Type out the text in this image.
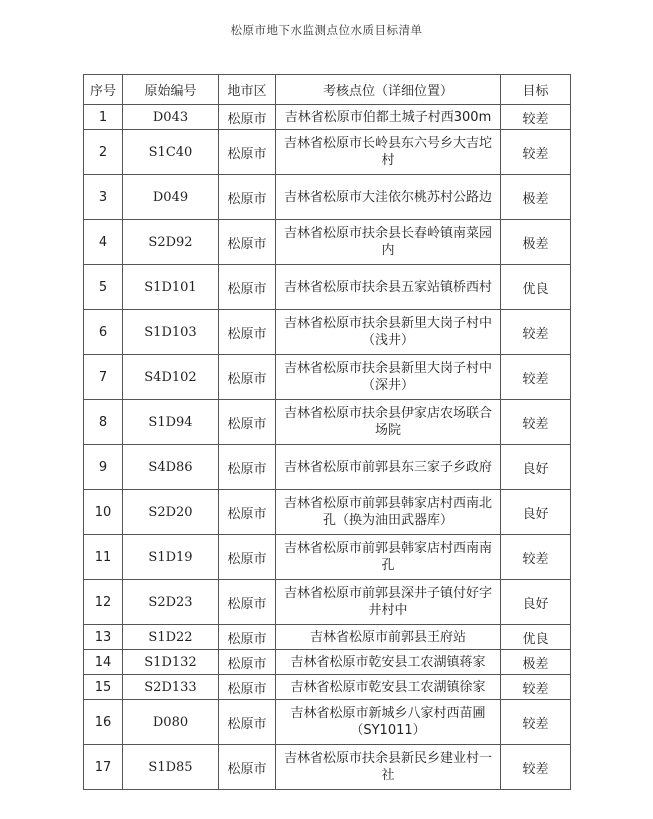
松原市地下水监测点位水质目标清单
序号	原始编号	地市区	考核点位（详细位置）	目标
1	D043	松原市	吉林省松原市伯都土城子村西300m	较差
2	S1C40	松原市	吉林省松原市长岭县东六号乡大吉坨村	较差
3	D049	松原市	吉林省松原市大洼依尔桃苏村公路边	极差
4	S2D92	松原市	吉林省松原市扶余县长春岭镇南菜园内	极差
5	S1D101	松原市	吉林省松原市扶余县五家站镇桥西村	优良
6	S1D103	松原市	吉林省松原市扶余县新里大岗子村中（浅井）	较差
7	S4D102	松原市	吉林省松原市扶余县新里大岗子村中（深井）	较差
8	S1D94	松原市	吉林省松原市扶余县伊家店农场联合场院	较差
9	S4D86	松原市	吉林省松原市前郭县东三家子乡政府	良好
10	S2D20	松原市	吉林省松原市前郭县韩家店村西南北孔（换为油田武器库）	良好
11	S1D19	松原市	吉林省松原市前郭县韩家店村西南南孔	较差
12	S2D23	松原市	吉林省松原市前郭县深井子镇付好字井村中	良好
13	S1D22	松原市	吉林省松原市前郭县王府站	优良
14	S1D132	松原市	吉林省松原市乾安县工农湖镇蒋家	极差
15	S2D133	松原市	吉林省松原市乾安县工农湖镇徐家	较差
16	D080	松原市	吉林省松原市新城乡八家村西苗圃（SY1011）	较差
17	S1D85	松原市	吉林省松原市扶余县新民乡建业村一社	较差
